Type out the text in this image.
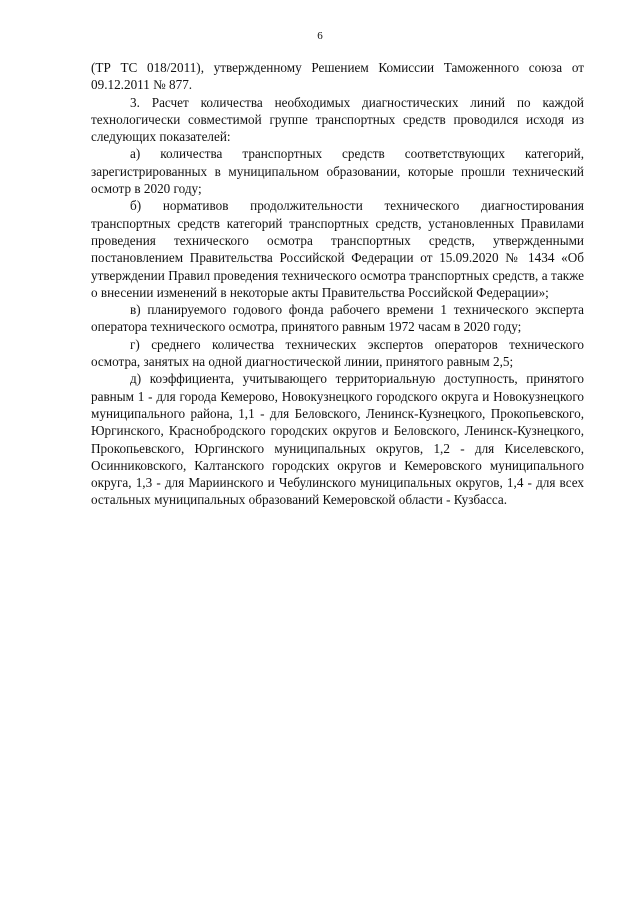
6

(ТР ТС 018/2011), утвержденному Решением Комиссии Таможенного союза от 09.12.2011 № 877.

3. Расчет количества необходимых диагностических линий по каждой технологически совместимой группе транспортных средств проводился исходя из следующих показателей:

а) количества транспортных средств соответствующих категорий, зарегистрированных в муниципальном образовании, которые прошли технический осмотр в 2020 году;

б) нормативов продолжительности технического диагностирования транспортных средств категорий транспортных средств, установленных Правилами проведения технического осмотра транспортных средств, утвержденными постановлением Правительства Российской Федерации от 15.09.2020 № 1434 «Об утверждении Правил проведения технического осмотра транспортных средств, а также о внесении изменений в некоторые акты Правительства Российской Федерации»;

в) планируемого годового фонда рабочего времени 1 технического эксперта оператора технического осмотра, принятого равным 1972 часам в 2020 году;

г) среднего количества технических экспертов операторов технического осмотра, занятых на одной диагностической линии, принятого равным 2,5;

д) коэффициента, учитывающего территориальную доступность, принятого равным 1 - для города Кемерово, Новокузнецкого городского округа и Новокузнецкого муниципального района, 1,1 - для Беловского, Ленинск-Кузнецкого, Прокопьевского, Юргинского, Краснобродского городских округов и Беловского, Ленинск-Кузнецкого, Прокопьевского, Юргинского муниципальных округов, 1,2 - для Киселевского, Осинниковского, Калтанского городских округов и Кемеровского муниципального округа, 1,3 - для Мариинского и Чебулинского муниципальных округов, 1,4 - для всех остальных муниципальных образований Кемеровской области - Кузбасса.
